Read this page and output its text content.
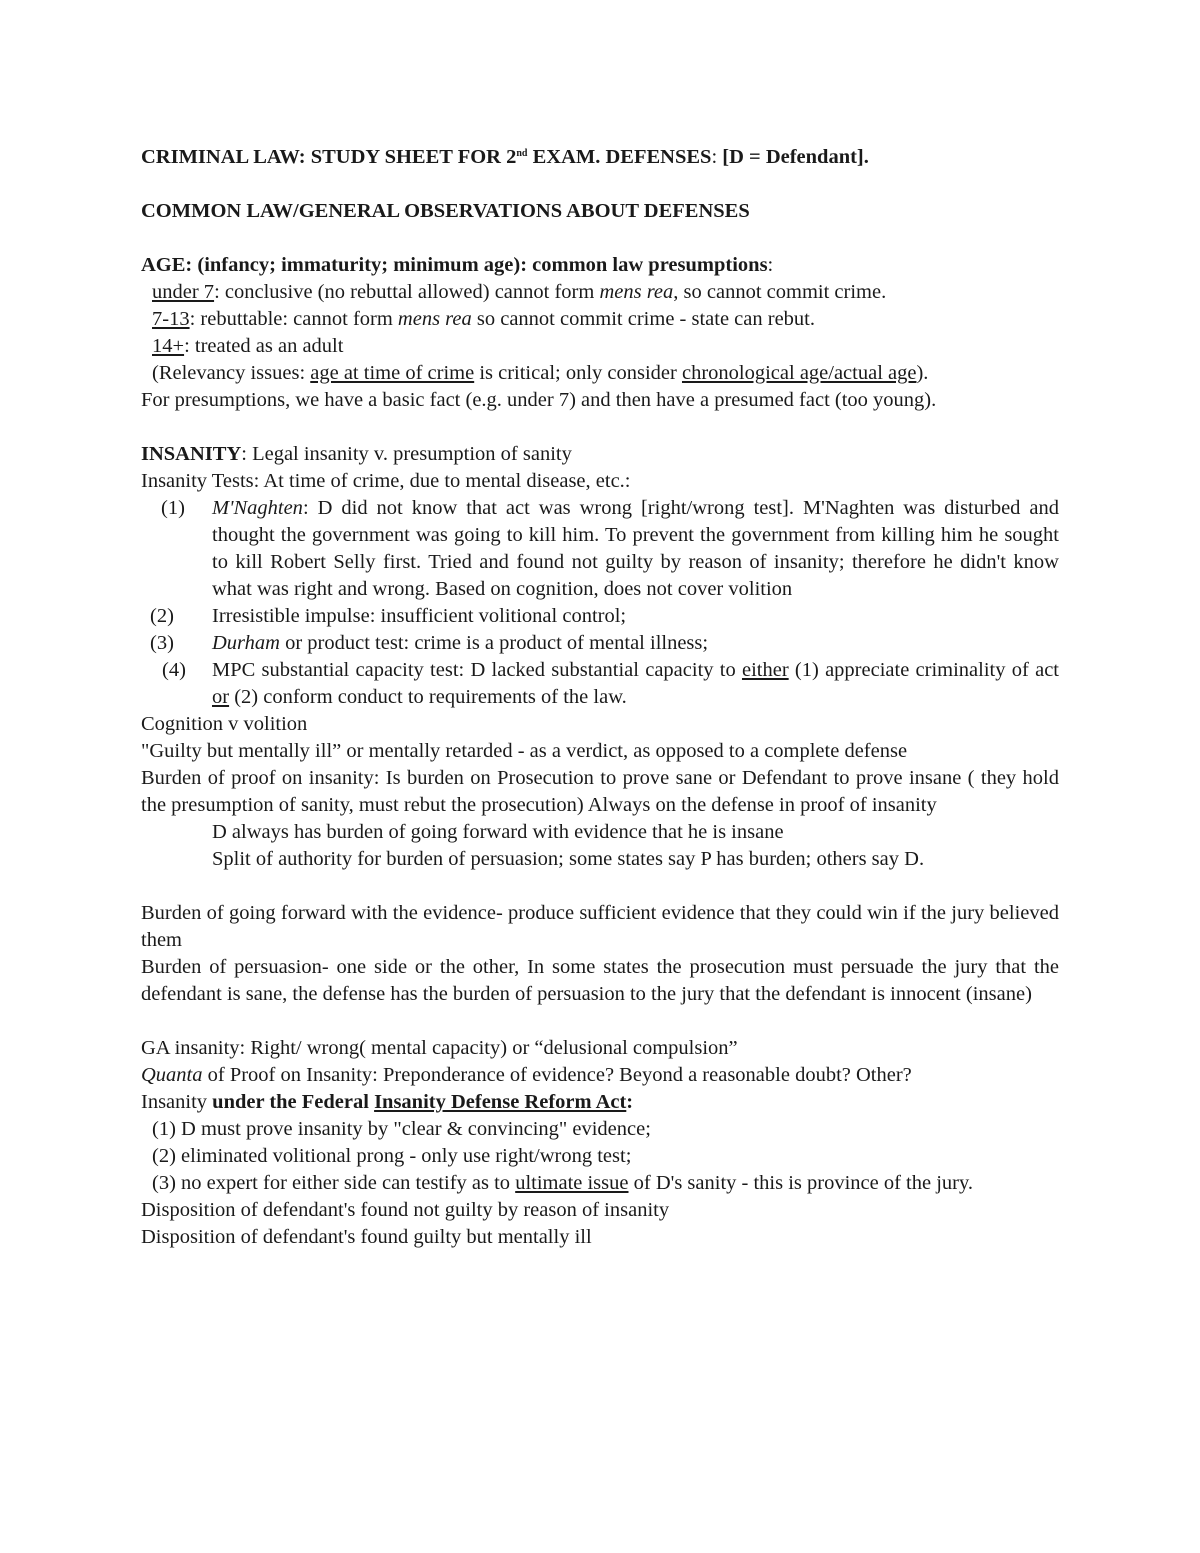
CRIMINAL LAW: STUDY SHEET FOR 2nd EXAM. DEFENSES: [D = Defendant].

COMMON LAW/GENERAL OBSERVATIONS ABOUT DEFENSES

AGE: (infancy; immaturity; minimum age): common law presumptions:

under 7: conclusive (no rebuttal allowed) cannot form mens rea, so cannot commit crime.

7-13: rebuttable: cannot form mens rea so cannot commit crime - state can rebut.

14+: treated as an adult

(Relevancy issues: age at time of crime is critical; only consider chronological age/actual age).

For presumptions, we have a basic fact (e.g. under 7) and then have a presumed fact (too young).

INSANITY: Legal insanity v. presumption of sanity

Insanity Tests: At time of crime, due to mental disease, etc.:

(1)	M'Naghten: D did not know that act was wrong [right/wrong test]. M'Naghten was disturbed and thought the government was going to kill him. To prevent the government from killing him he sought to kill Robert Selly first. Tried and found not guilty by reason of insanity; therefore he didn't know what was right and wrong. Based on cognition, does not cover volition
(2)	Irresistible impulse: insufficient volitional control;
(3)	Durham or product test: crime is a product of mental illness;
(4)	MPC substantial capacity test: D lacked substantial capacity to either (1) appreciate criminality of act or (2) conform conduct to requirements of the law.

Cognition v volition

"Guilty but mentally ill” or mentally retarded - as a verdict, as opposed to a complete defense

Burden of proof on insanity: Is burden on Prosecution to prove sane or Defendant to prove insane ( they hold the presumption of sanity, must rebut the prosecution) Always on the defense in proof of insanity

D always has burden of going forward with evidence that he is insane

Split of authority for burden of persuasion; some states say P has burden; others say D.

Burden of going forward with the evidence- produce sufficient evidence that they could win if the jury believed them

Burden of persuasion- one side or the other, In some states the prosecution must persuade the jury that the defendant is sane, the defense has the burden of persuasion to the jury that the defendant is innocent (insane)

GA insanity: Right/ wrong( mental capacity) or “delusional compulsion”

Quanta of Proof on Insanity: Preponderance of evidence? Beyond a reasonable doubt? Other?

Insanity under the Federal Insanity Defense Reform Act:

(1) D must prove insanity by "clear & convincing" evidence;

(2) eliminated volitional prong - only use right/wrong test;

(3) no expert for either side can testify as to ultimate issue of D's sanity - this is province of the jury.

Disposition of defendant's found not guilty by reason of insanity

Disposition of defendant's found guilty but mentally ill
